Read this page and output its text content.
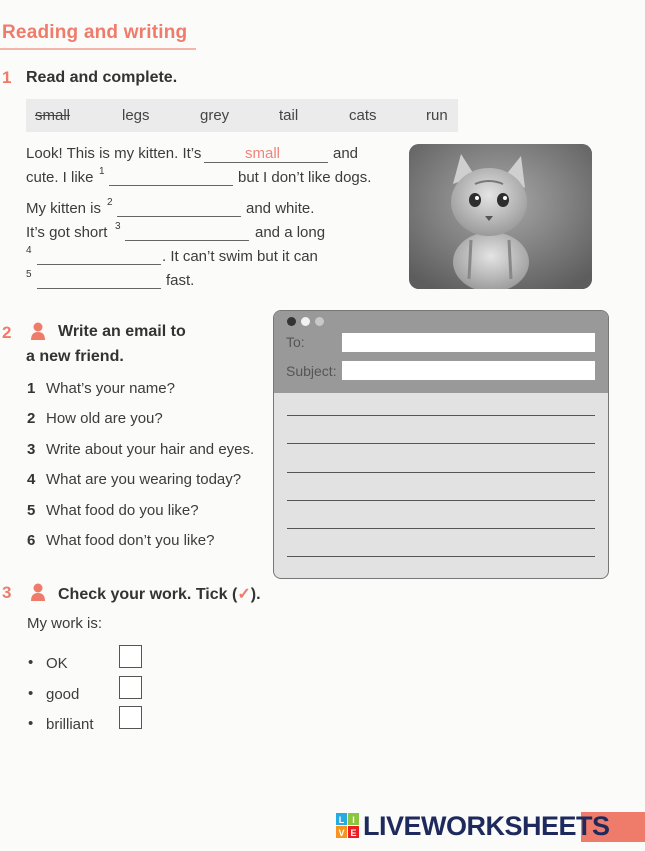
Reading and writing
1 Read and complete.
small	legs	grey	tail	cats	run
Look! This is my kitten. It’s	small	and
cute. I like 1	but I don’t like dogs.
My kitten is 2	and white.
It’s got short 3	and a long
4	. It can’t swim but it can
5	fast.
2	Write an email to
a new friend.
1 What’s your name?
2 How old are you?
3 Write about your hair and eyes.
4 What are you wearing today?
5 What food do you like?
6 What food don’t you like?
To:
Subject:
3	Check your work. Tick (✓).
My work is:
• OK
• good
• brilliant
L I
V E LIVEWORKSHEETS
